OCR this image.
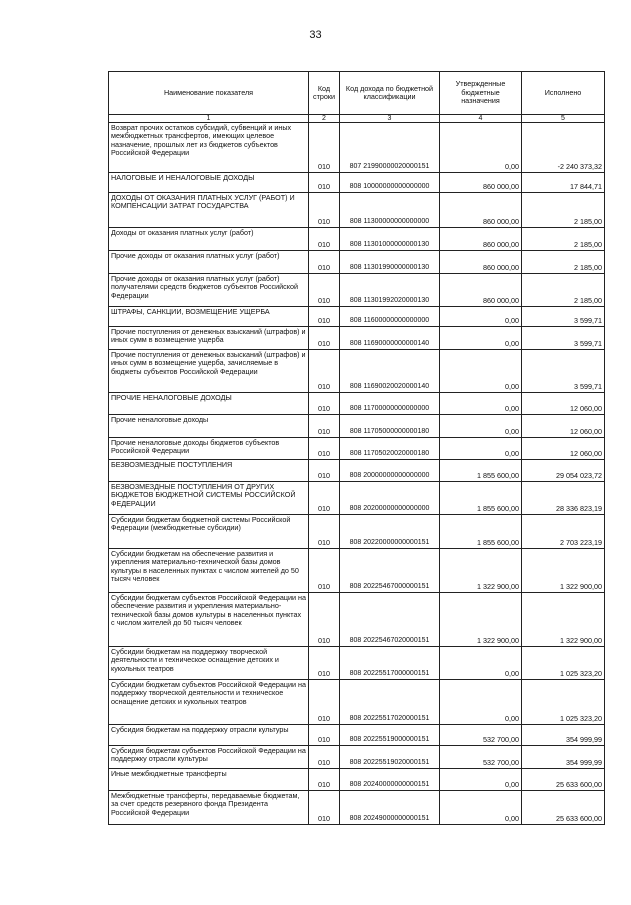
33
Наименование показателя	Код строки	Код дохода по бюджетной классификации	Утвержденные бюджетные назначения	Исполнено
1	2	3	4	5
Возврат прочих остатков субсидий, субвенций и иных межбюджетных трансфертов, имеющих целевое назначение, прошлых лет из бюджетов субъектов Российской Федерации	010	807 21990000020000151	0,00	-2 240 373,32
НАЛОГОВЫЕ И НЕНАЛОГОВЫЕ ДОХОДЫ	010	808 10000000000000000	860 000,00	17 844,71
ДОХОДЫ ОТ ОКАЗАНИЯ ПЛАТНЫХ УСЛУГ (РАБОТ) И КОМПЕНСАЦИИ ЗАТРАТ ГОСУДАРСТВА	010	808 11300000000000000	860 000,00	2 185,00
Доходы от оказания платных услуг (работ)	010	808 11301000000000130	860 000,00	2 185,00
Прочие доходы от оказания платных услуг (работ)	010	808 11301990000000130	860 000,00	2 185,00
Прочие доходы от оказания платных услуг (работ) получателями средств бюджетов субъектов Российской Федерации	010	808 11301992020000130	860 000,00	2 185,00
ШТРАФЫ, САНКЦИИ, ВОЗМЕЩЕНИЕ УЩЕРБА	010	808 11600000000000000	0,00	3 599,71
Прочие поступления от денежных взысканий (штрафов) и иных сумм в возмещение ущерба	010	808 11690000000000140	0,00	3 599,71
Прочие поступления от денежных взысканий (штрафов) и иных сумм в возмещение ущерба, зачисляемые в бюджеты субъектов Российской Федерации	010	808 11690020020000140	0,00	3 599,71
ПРОЧИЕ НЕНАЛОГОВЫЕ ДОХОДЫ	010	808 11700000000000000	0,00	12 060,00
Прочие неналоговые доходы	010	808 11705000000000180	0,00	12 060,00
Прочие неналоговые доходы бюджетов субъектов Российской Федерации	010	808 11705020020000180	0,00	12 060,00
БЕЗВОЗМЕЗДНЫЕ ПОСТУПЛЕНИЯ	010	808 20000000000000000	1 855 600,00	29 054 023,72
БЕЗВОЗМЕЗДНЫЕ ПОСТУПЛЕНИЯ ОТ ДРУГИХ БЮДЖЕТОВ БЮДЖЕТНОЙ СИСТЕМЫ РОССИЙСКОЙ ФЕДЕРАЦИИ	010	808 20200000000000000	1 855 600,00	28 336 823,19
Субсидии бюджетам бюджетной системы Российской Федерации (межбюджетные субсидии)	010	808 20220000000000151	1 855 600,00	2 703 223,19
Субсидии бюджетам на обеспечение развития и укрепления материально-технической базы домов культуры в населенных пунктах с числом жителей до 50 тысяч человек	010	808 20225467000000151	1 322 900,00	1 322 900,00
Субсидии бюджетам субъектов Российской Федерации на обеспечение развития и укрепления материально-технической базы домов культуры в населенных пунктах с числом жителей до 50 тысяч человек	010	808 20225467020000151	1 322 900,00	1 322 900,00
Субсидии бюджетам на поддержку творческой деятельности и техническое оснащение детских и кукольных театров	010	808 20225517000000151	0,00	1 025 323,20
Субсидии бюджетам субъектов Российской Федерации на поддержку творческой деятельности и техническое оснащение детских и кукольных театров	010	808 20225517020000151	0,00	1 025 323,20
Субсидия бюджетам на поддержку отрасли культуры	010	808 20225519000000151	532 700,00	354 999,99
Субсидия бюджетам субъектов Российской Федерации на поддержку отрасли культуры	010	808 20225519020000151	532 700,00	354 999,99
Иные межбюджетные трансферты	010	808 20240000000000151	0,00	25 633 600,00
Межбюджетные трансферты, передаваемые бюджетам, за счет средств резервного фонда Президента Российской Федерации	010	808 20249000000000151	0,00	25 633 600,00
